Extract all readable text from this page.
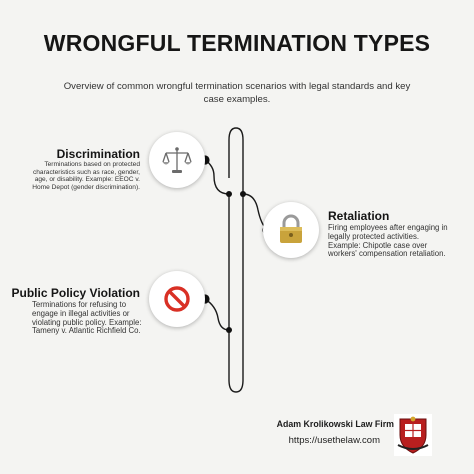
WRONGFUL TERMINATION TYPES
Overview of common wrongful termination scenarios with legal standards and key case examples.
Discrimination
Terminations based on protected characteristics such as race, gender, age, or disability. Example: EEOC v. Home Depot (gender discrimination).
Retaliation
Firing employees after engaging in legally protected activities. Example: Chipotle case over workers' compensation retaliation.
Public Policy Violation
Terminations for refusing to engage in illegal activities or violating public policy. Example: Tameny v. Atlantic Richfield Co.
Adam Krolikowski Law Firm
https://usethelaw.com
